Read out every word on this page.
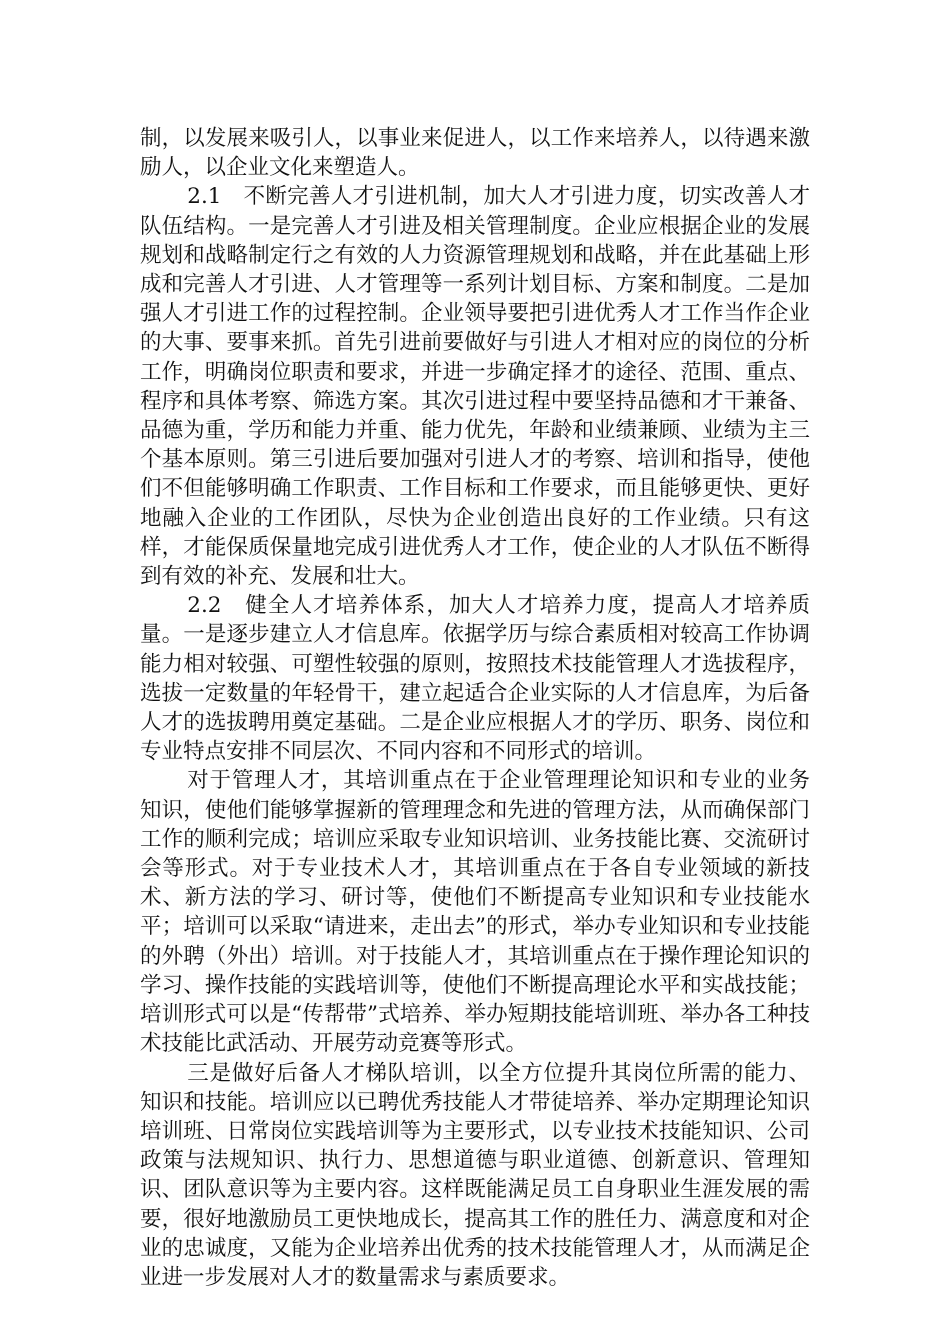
制，以发展来吸引人，以事业来促进人，以工作来培养人，以待遇来激励人，以企业文化来塑造人。

2.1　不断完善人才引进机制，加大人才引进力度，切实改善人才队伍结构。一是完善人才引进及相关管理制度。企业应根据企业的发展规划和战略制定行之有效的人力资源管理规划和战略，并在此基础上形成和完善人才引进、人才管理等一系列计划目标、方案和制度。二是加强人才引进工作的过程控制。企业领导要把引进优秀人才工作当作企业的大事、要事来抓。首先引进前要做好与引进人才相对应的岗位的分析工作，明确岗位职责和要求，并进一步确定择才的途径、范围、重点、程序和具体考察、筛选方案。其次引进过程中要坚持品德和才干兼备、品德为重，学历和能力并重、能力优先，年龄和业绩兼顾、业绩为主三个基本原则。第三引进后要加强对引进人才的考察、培训和指导，使他们不但能够明确工作职责、工作目标和工作要求，而且能够更快、更好地融入企业的工作团队，尽快为企业创造出良好的工作业绩。只有这样，才能保质保量地完成引进优秀人才工作，使企业的人才队伍不断得到有效的补充、发展和壮大。

2.2　健全人才培养体系，加大人才培养力度，提高人才培养质量。一是逐步建立人才信息库。依据学历与综合素质相对较高工作协调能力相对较强、可塑性较强的原则，按照技术技能管理人才选拔程序，选拔一定数量的年轻骨干，建立起适合企业实际的人才信息库，为后备人才的选拔聘用奠定基础。二是企业应根据人才的学历、职务、岗位和专业特点安排不同层次、不同内容和不同形式的培训。

对于管理人才，其培训重点在于企业管理理论知识和专业的业务知识，使他们能够掌握新的管理理念和先进的管理方法，从而确保部门工作的顺利完成；培训应采取专业知识培训、业务技能比赛、交流研讨会等形式。对于专业技术人才，其培训重点在于各自专业领域的新技术、新方法的学习、研讨等，使他们不断提高专业知识和专业技能水平；培训可以采取“请进来，走出去”的形式，举办专业知识和专业技能的外聘（外出）培训。对于技能人才，其培训重点在于操作理论知识的学习、操作技能的实践培训等，使他们不断提高理论水平和实战技能；培训形式可以是“传帮带”式培养、举办短期技能培训班、举办各工种技术技能比武活动、开展劳动竞赛等形式。

三是做好后备人才梯队培训，以全方位提升其岗位所需的能力、知识和技能。培训应以已聘优秀技能人才带徒培养、举办定期理论知识培训班、日常岗位实践培训等为主要形式，以专业技术技能知识、公司政策与法规知识、执行力、思想道德与职业道德、创新意识、管理知识、团队意识等为主要内容。这样既能满足员工自身职业生涯发展的需要，很好地激励员工更快地成长，提高其工作的胜任力、满意度和对企业的忠诚度，又能为企业培养出优秀的技术技能管理人才，从而满足企业进一步发展对人才的数量需求与素质要求。
